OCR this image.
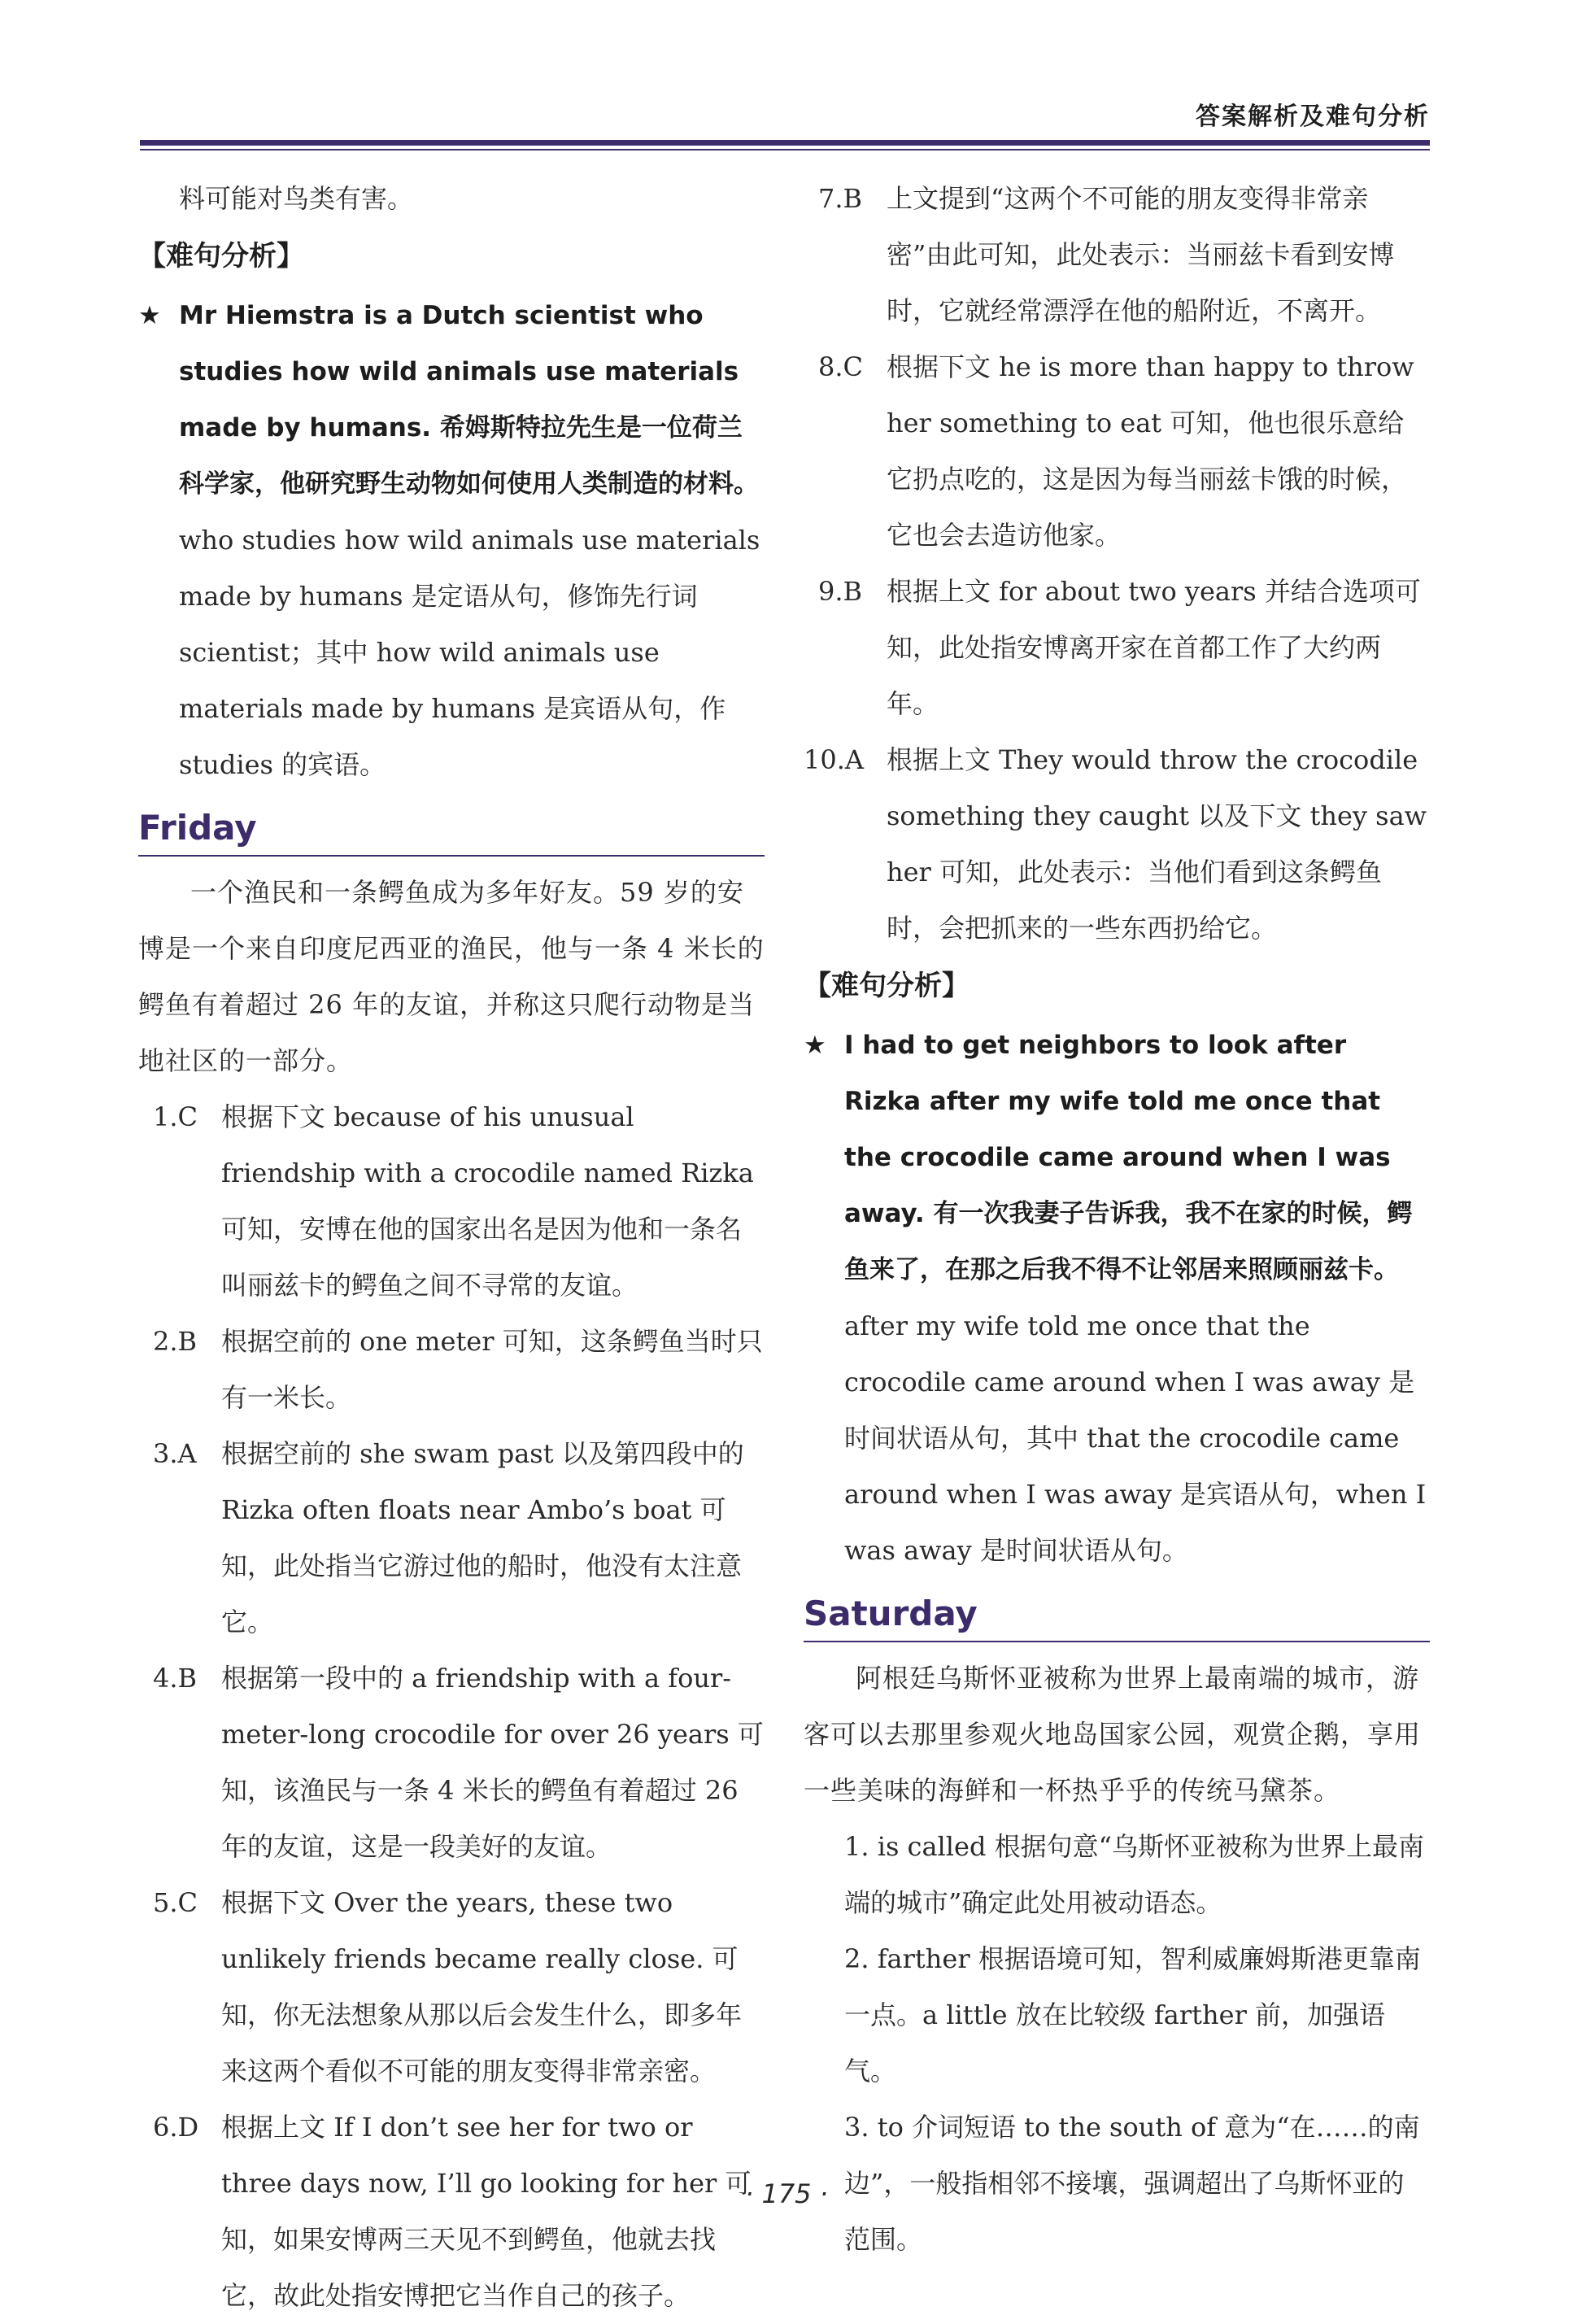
答案解析及难句分析

料可能对鸟类有害。

【难句分析】

★ Mr Hiemstra is a Dutch scientist who studies how wild animals use materials made by humans. 希姆斯特拉先生是一位荷兰科学家，他研究野生动物如何使用人类制造的材料。

who studies how wild animals use materials made by humans 是定语从句，修饰先行词 scientist；其中 how wild animals use materials made by humans 是宾语从句，作 studies 的宾语。

Friday

一个渔民和一条鳄鱼成为多年好友。59 岁的安博是一个来自印度尼西亚的渔民，他与一条 4 米长的鳄鱼有着超过 26 年的友谊，并称这只爬行动物是当地社区的一部分。

1.C 根据下文 because of his unusual friendship with a crocodile named Rizka 可知，安博在他的国家出名是因为他和一条名叫丽兹卡的鳄鱼之间不寻常的友谊。
2.B 根据空前的 one meter 可知，这条鳄鱼当时只有一米长。
3.A 根据空前的 she swam past 以及第四段中的 Rizka often floats near Ambo’s boat 可知，此处指当它游过他的船时，他没有太注意它。
4.B 根据第一段中的 a friendship with a four-meter-long crocodile for over 26 years 可知，该渔民与一条 4 米长的鳄鱼有着超过 26 年的友谊，这是一段美好的友谊。
5.C 根据下文 Over the years, these two unlikely friends became really close. 可知，你无法想象从那以后会发生什么，即多年来这两个看似不可能的朋友变得非常亲密。
6.D 根据上文 If I don’t see her for two or three days now, I’ll go looking for her 可知，如果安博两三天见不到鳄鱼，他就去找它，故此处指安博把它当作自己的孩子。
7.B 上文提到“这两个不可能的朋友变得非常亲密”由此可知，此处表示：当丽兹卡看到安博时，它就经常漂浮在他的船附近，不离开。
8.C 根据下文 he is more than happy to throw her something to eat 可知，他也很乐意给它扔点吃的，这是因为每当丽兹卡饿的时候，它也会去造访他家。
9.B 根据上文 for about two years 并结合选项可知，此处指安博离开家在首都工作了大约两年。
10.A 根据上文 They would throw the crocodile something they caught 以及下文 they saw her 可知，此处表示：当他们看到这条鳄鱼时，会把抓来的一些东西扔给它。

【难句分析】

★ I had to get neighbors to look after Rizka after my wife told me once that the crocodile came around when I was away. 有一次我妻子告诉我，我不在家的时候，鳄鱼来了，在那之后我不得不让邻居来照顾丽兹卡。

after my wife told me once that the crocodile came around when I was away 是时间状语从句，其中 that the crocodile came around when I was away 是宾语从句，when I was away 是时间状语从句。

Saturday

阿根廷乌斯怀亚被称为世界上最南端的城市，游客可以去那里参观火地岛国家公园，观赏企鹅，享用一些美味的海鲜和一杯热乎乎的传统马黛茶。

1. is called 根据句意“乌斯怀亚被称为世界上最南端的城市”确定此处用被动语态。
2. farther 根据语境可知，智利威廉姆斯港更靠南一点。a little 放在比较级 farther 前，加强语气。
3. to 介词短语 to the south of 意为“在……的南边”，一般指相邻不接壤，强调超出了乌斯怀亚的范围。
· 175 ·
